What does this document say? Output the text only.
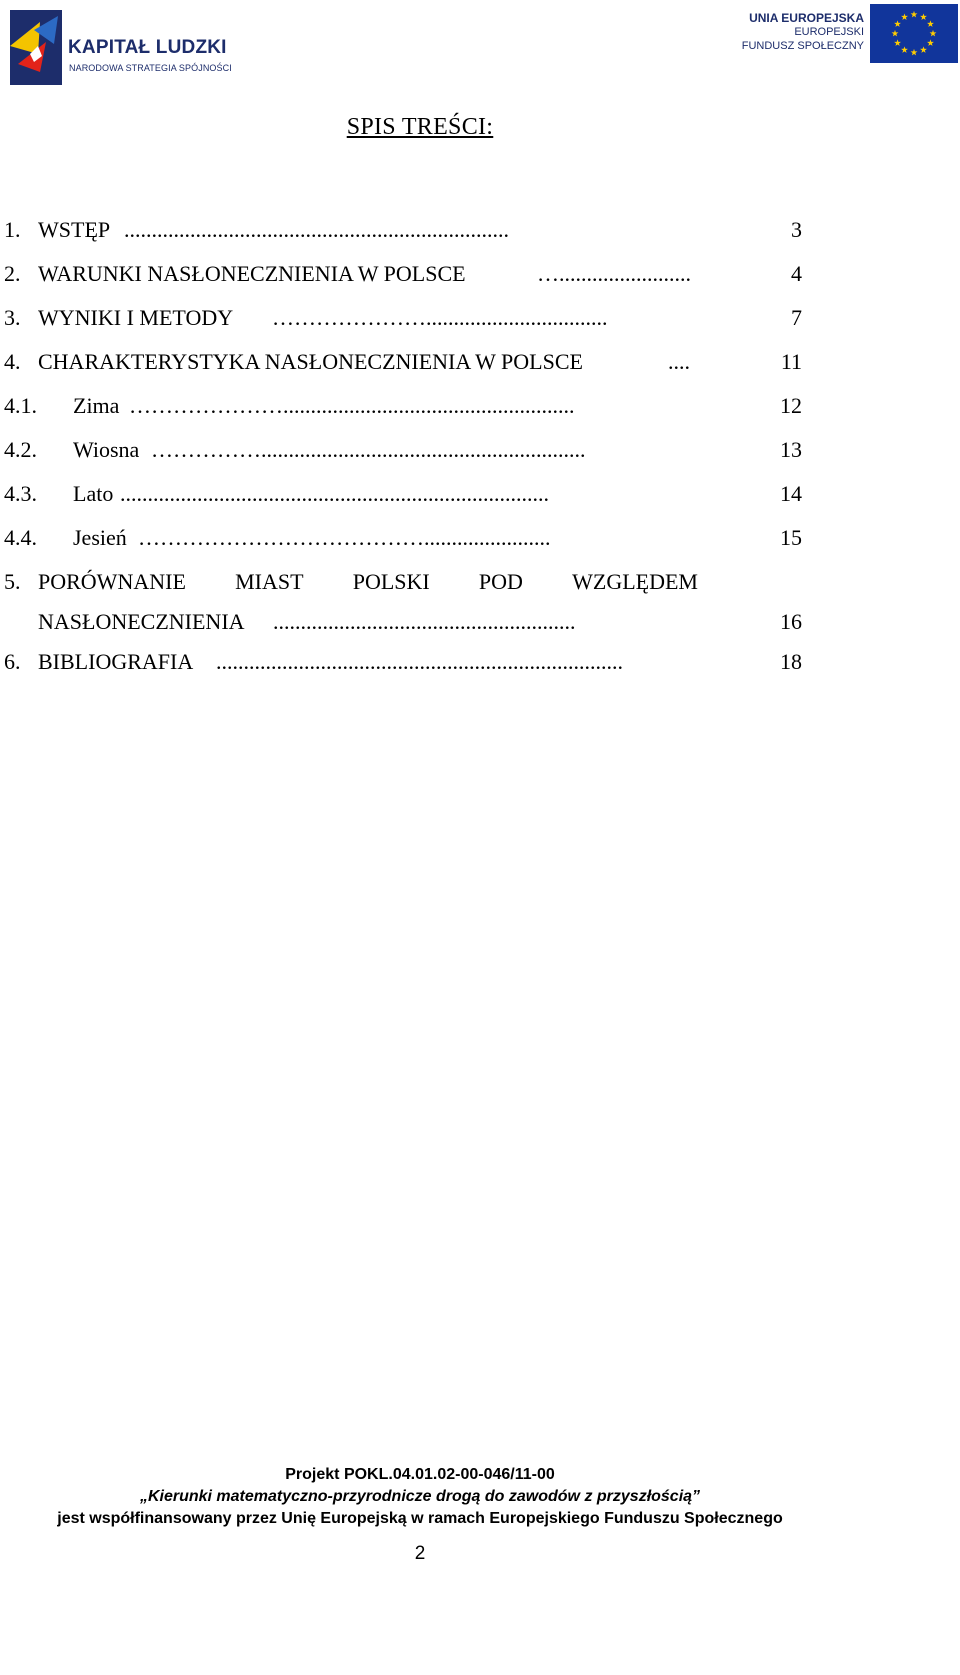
KAPITAŁ LUDZKI
NARODOWA STRATEGIA SPÓJNOŚCI
UNIA EUROPEJSKA
EUROPEJSKI
FUNDUSZ SPOŁECZNY
SPIS TREŚCI:
1. WSTĘP ......................................................................	3
2. WARUNKI NASŁONECZNIENIA W POLSCE	…........................	4
3. WYNIKI I METODY ………………….................................	7
4. CHARAKTERYSTYKA NASŁONECZNIENIA W POLSCE	....	11
4.1. Zima ………………….....................................................	12
4.2. Wiosna ……………...........................................................	13
4.3. Lato ..............................................................................	14
4.4. Jesień ………………………………….......................	15
5. PORÓWNANIE MIAST POLSKI POD WZGLĘDEM
NASŁONECZNIENIA .......................................................	16
6. BIBLIOGRAFIA ..........................................................................	18
Projekt POKL.04.01.02-00-046/11-00
„Kierunki matematyczno-przyrodnicze drogą do zawodów z przyszłością”
jest współfinansowany przez Unię Europejską w ramach Europejskiego Funduszu Społecznego
2
